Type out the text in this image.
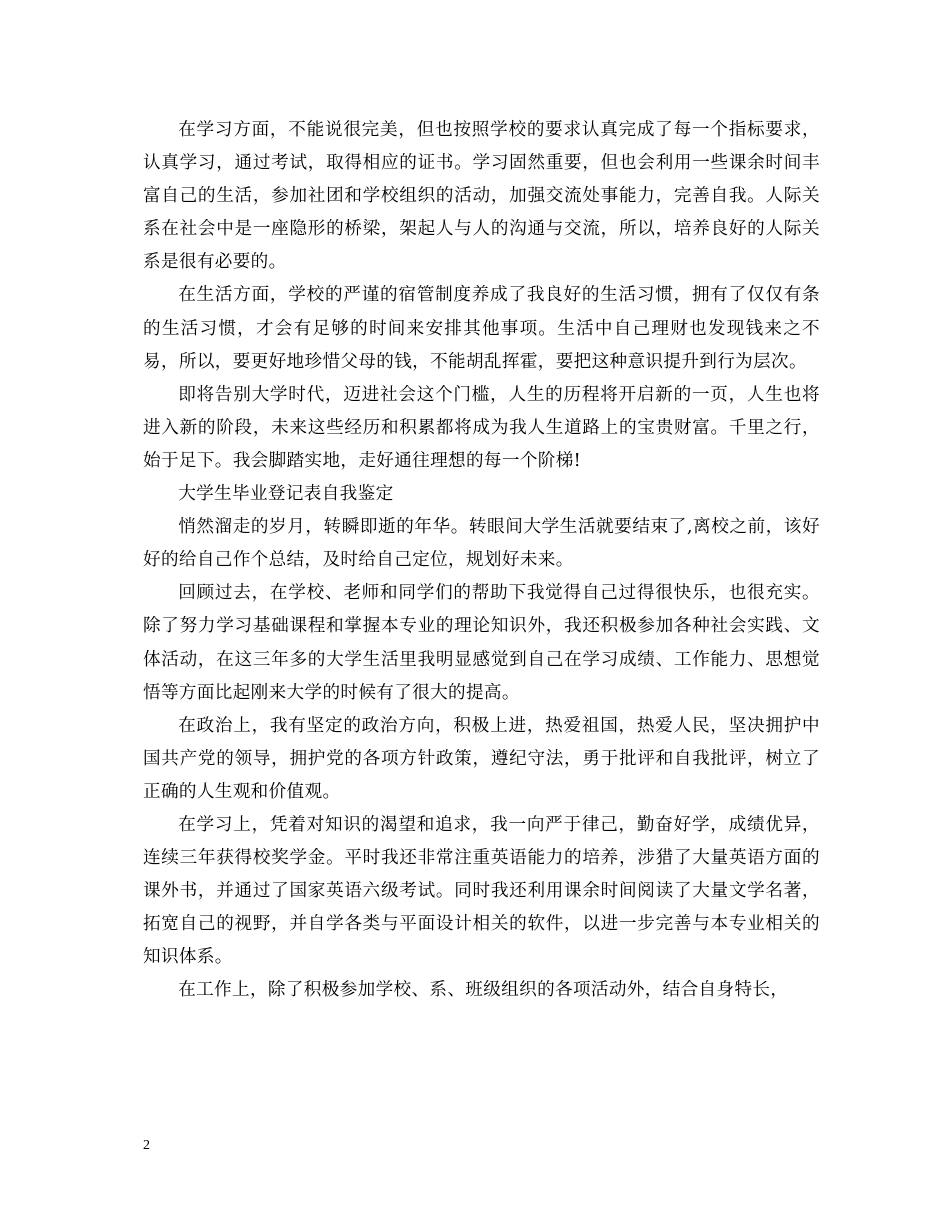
在学习方面，不能说很完美，但也按照学校的要求认真完成了每一个指标要求，认真学习，通过考试，取得相应的证书。学习固然重要，但也会利用一些课余时间丰富自己的生活，参加社团和学校组织的活动，加强交流处事能力，完善自我。人际关系在社会中是一座隐形的桥梁，架起人与人的沟通与交流，所以，培养良好的人际关系是很有必要的。

在生活方面，学校的严谨的宿管制度养成了我良好的生活习惯，拥有了仅仅有条的生活习惯，才会有足够的时间来安排其他事项。生活中自己理财也发现钱来之不易，所以，要更好地珍惜父母的钱，不能胡乱挥霍，要把这种意识提升到行为层次。

即将告别大学时代，迈进社会这个门槛，人生的历程将开启新的一页，人生也将进入新的阶段，未来这些经历和积累都将成为我人生道路上的宝贵财富。千里之行，始于足下。我会脚踏实地，走好通往理想的每一个阶梯!

大学生毕业登记表自我鉴定

悄然溜走的岁月，转瞬即逝的年华。转眼间大学生活就要结束了,离校之前，该好好的给自己作个总结，及时给自己定位，规划好未来。

回顾过去，在学校、老师和同学们的帮助下我觉得自己过得很快乐，也很充实。除了努力学习基础课程和掌握本专业的理论知识外，我还积极参加各种社会实践、文体活动，在这三年多的大学生活里我明显感觉到自己在学习成绩、工作能力、思想觉悟等方面比起刚来大学的时候有了很大的提高。

在政治上，我有坚定的政治方向，积极上进，热爱祖国，热爱人民，坚决拥护中国共产党的领导，拥护党的各项方针政策，遵纪守法，勇于批评和自我批评，树立了正确的人生观和价值观。

在学习上，凭着对知识的渴望和追求，我一向严于律己，勤奋好学，成绩优异，连续三年获得校奖学金。平时我还非常注重英语能力的培养，涉猎了大量英语方面的课外书，并通过了国家英语六级考试。同时我还利用课余时间阅读了大量文学名著，拓宽自己的视野，并自学各类与平面设计相关的软件，以进一步完善与本专业相关的知识体系。

在工作上，除了积极参加学校、系、班级组织的各项活动外，结合自身特长，

2
